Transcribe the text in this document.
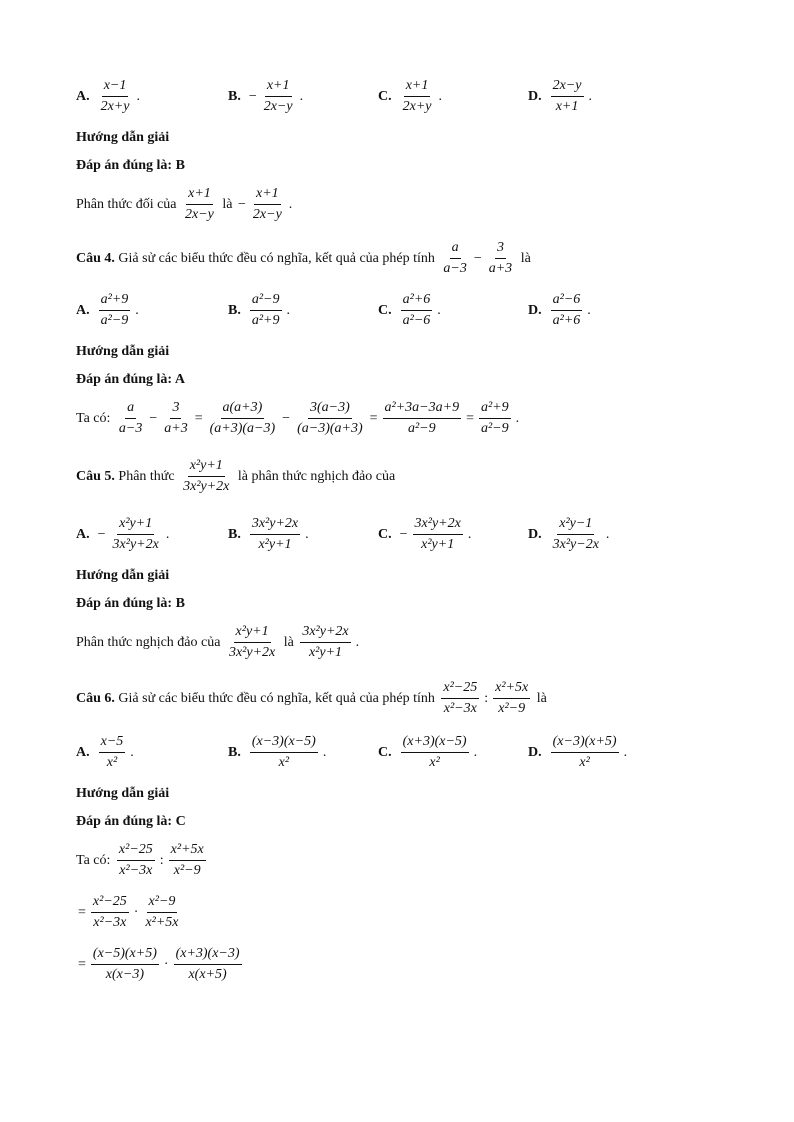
A. $\frac{x-1}{2x+y}$ .	B. − $\frac{x+1}{2x-y}$ .	C. $\frac{x+1}{2x+y}$ .	D. $\frac{2x-y}{x+1}$ .
Hướng dẫn giải
Đáp án đúng là: B
Phân thức đối của $\frac{x+1}{2x-y}$ là − $\frac{x+1}{2x-y}$ .
Câu 4. Giả sử các biểu thức đều có nghĩa, kết quả của phép tính $\frac{a}{a-3} - \frac{3}{a+3}$ là
A. $\frac{\text{a²+9}}{\text{a²−9}}$ .	B. $\frac{\text{a²−9}}{\text{a²+9}}$ .	C. $\frac{\text{a²+6}}{\text{a²−6}}$ .	D. $\frac{\text{a²−6}}{\text{a²+6}}$ .
Hướng dẫn giải
Đáp án đúng là: A
Ta có: $\frac{a}{a-3} - \frac{3}{a+3} = \frac{a(a+3)}{(a+3)(a-3)} - \frac{3(a-3)}{(a-3)(a+3)} = \frac{\text{a²+3a−3a+9}}{\text{a²−9}} = \frac{\text{a²+9}}{\text{a²−9}}$ .
Câu 5. Phân thức $\frac{\text{x²y+1}}{\text{3x²y+2x}}$ là phân thức nghịch đảo của
A. − $\frac{\text{x²y+1}}{\text{3x²y+2x}}$ .	B. $\frac{\text{3x²y+2x}}{\text{x²y+1}}$ .	C. − $\frac{\text{3x²y+2x}}{\text{x²y+1}}$ .	D. $\frac{\text{x²y−1}}{\text{3x²y−2x}}$ .
Hướng dẫn giải
Đáp án đúng là: B
Phân thức nghịch đảo của $\frac{\text{x²y+1}}{\text{3x²y+2x}}$ là $\frac{\text{3x²y+2x}}{\text{x²y+1}}$ .
Câu 6. Giả sử các biểu thức đều có nghĩa, kết quả của phép tính $\frac{\text{x²−25}}{\text{x²−3x}}$ : $\frac{\text{x²+5x}}{\text{x²−9}}$ là
A. $\frac{x-5}{\text{x²}}$ .	B. $\frac{(x-3)(x-5)}{\text{x²}}$ .	C. $\frac{(x+3)(x-5)}{\text{x²}}$ .	D. $\frac{(x-3)(x+5)}{\text{x²}}$ .
Hướng dẫn giải
Đáp án đúng là: C
Ta có: $\frac{\text{x²−25}}{\text{x²−3x}}$ : $\frac{\text{x²+5x}}{\text{x²−9}}$
= $\frac{\text{x²−25}}{\text{x²−3x}} \cdot \frac{\text{x²−9}}{\text{x²+5x}}$
= $\frac{(x-5)(x+5)}{x(x-3)} \cdot \frac{(x+3)(x-3)}{x(x+5)}$
